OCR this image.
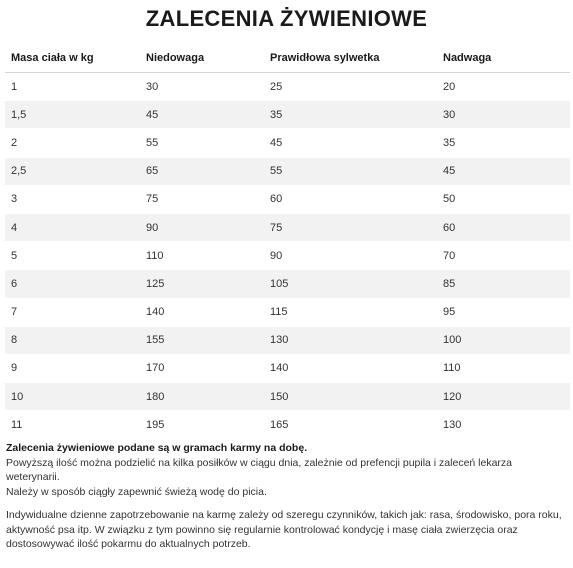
ZALECENIA ŻYWIENIOWE
Masa ciała w kg	Niedowaga	Prawidłowa sylwetka	Nadwaga
1	30	25	20
1,5	45	35	30
2	55	45	35
2,5	65	55	45
3	75	60	50
4	90	75	60
5	110	90	70
6	125	105	85
7	140	115	95
8	155	130	100
9	170	140	110
10	180	150	120
11	195	165	130

Zalecenia żywieniowe podane są w gramach karmy na dobę.

Powyższą ilość można podzielić na kilka posiłków w ciągu dnia, zależnie od prefencji pupila i zaleceń lekarza weterynarii.

Należy w sposób ciągły zapewnić świeżą wodę do picia.

Indywidualne dzienne zapotrzebowanie na karmę zależy od szeregu czynników, takich jak: rasa, środowisko, pora roku, aktywność psa itp. W związku z tym powinno się regularnie kontrolować kondycję i masę ciała zwierzęcia oraz dostosowywać ilość pokarmu do aktualnych potrzeb.
